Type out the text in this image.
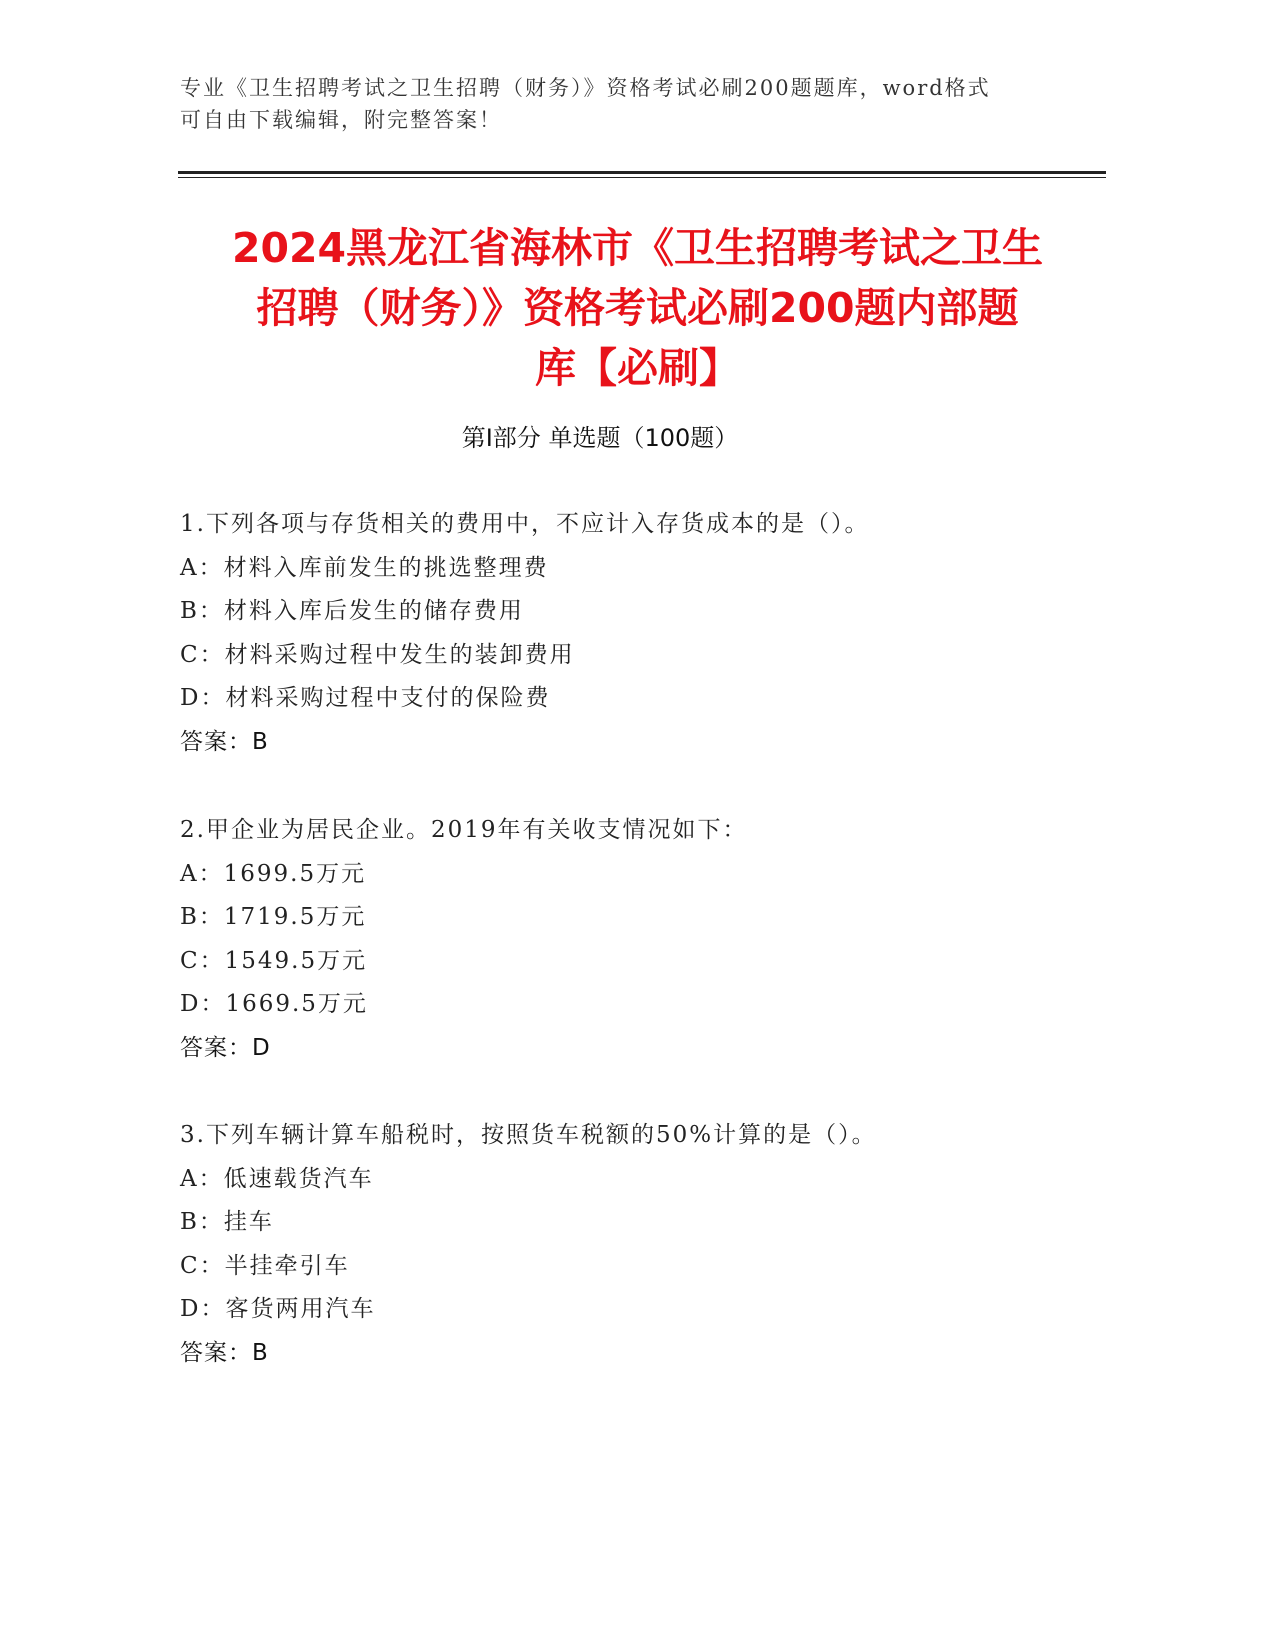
专业《卫生招聘考试之卫生招聘（财务）》资格考试必刷200题题库，word格式
可自由下载编辑，附完整答案！
2024黑龙江省海林市《卫生招聘考试之卫生
招聘（财务）》资格考试必刷200题内部题
库【必刷】
第I部分 单选题（100题）
1.下列各项与存货相关的费用中，不应计入存货成本的是（）。
A：材料入库前发生的挑选整理费
B：材料入库后发生的储存费用
C：材料采购过程中发生的装卸费用
D：材料采购过程中支付的保险费
答案：B
2.甲企业为居民企业。2019年有关收支情况如下：
A：1699.5万元
B：1719.5万元
C：1549.5万元
D：1669.5万元
答案：D
3.下列车辆计算车船税时，按照货车税额的50%计算的是（）。
A：低速载货汽车
B：挂车
C：半挂牵引车
D：客货两用汽车
答案：B
